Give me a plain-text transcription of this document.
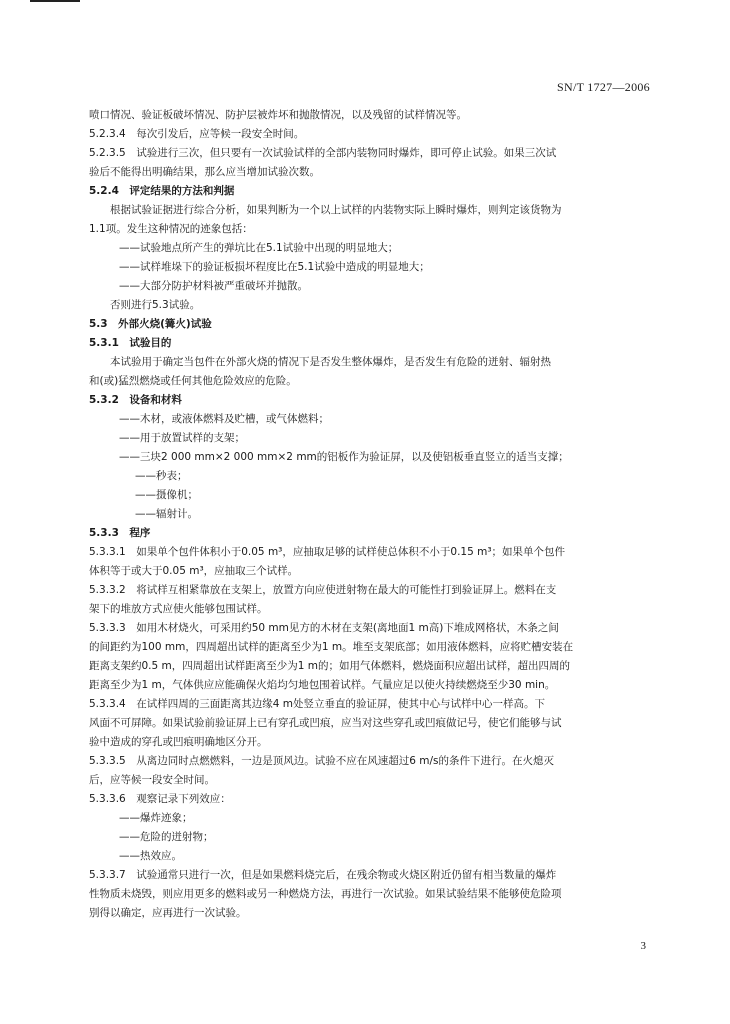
SN/T 1727—2006
喷口情况、验证板破坏情况、防护层被炸坏和抛散情况，以及残留的试样情况等。
5.2.3.4　每次引发后，应等候一段安全时间。
5.2.3.5　试验进行三次，但只要有一次试验试样的全部内装物同时爆炸，即可停止试验。如果三次试
验后不能得出明确结果，那么应当增加试验次数。
5.2.4　评定结果的方法和判据
根据试验证据进行综合分析，如果判断为一个以上试样的内装物实际上瞬时爆炸，则判定该货物为
1.1项。发生这种情况的迹象包括：
——试验地点所产生的弹坑比在5.1试验中出现的明显地大；
——试样堆垛下的验证板损坏程度比在5.1试验中造成的明显地大；
——大部分防护材料被严重破坏并抛散。
否则进行5.3试验。
5.3　外部火烧(篝火)试验
5.3.1　试验目的
本试验用于确定当包件在外部火烧的情况下是否发生整体爆炸，是否发生有危险的迸射、辐射热
和(或)猛烈燃烧或任何其他危险效应的危险。
5.3.2　设备和材料
——木材，或液体燃料及贮槽，或气体燃料；
——用于放置试样的支架；
——三块2 000 mm×2 000 mm×2 mm的铝板作为验证屏，以及使铝板垂直竖立的适当支撑；
——秒表；
——摄像机；
——辐射计。
5.3.3　程序
5.3.3.1　如果单个包件体积小于0.05 m³，应抽取足够的试样使总体积不小于0.15 m³；如果单个包件
体积等于或大于0.05 m³，应抽取三个试样。
5.3.3.2　将试样互相紧靠放在支架上，放置方向应使迸射物在最大的可能性打到验证屏上。燃料在支
架下的堆放方式应使火能够包围试样。
5.3.3.3　如用木材烧火，可采用约50 mm见方的木材在支架(离地面1 m高)下堆成网格状，木条之间
的间距约为100 mm，四周超出试样的距离至少为1 m。堆至支架底部；如用液体燃料，应将贮槽安装在
距离支架约0.5 m，四周超出试样距离至少为1 m的；如用气体燃料，燃烧面积应超出试样，超出四周的
距离至少为1 m，气体供应应能确保火焰均匀地包围着试样。气量应足以使火持续燃烧至少30 min。
5.3.3.4　在试样四周的三面距离其边缘4 m处竖立垂直的验证屏，使其中心与试样中心一样高。下
风面不可屏障。如果试验前验证屏上已有穿孔或凹痕，应当对这些穿孔或凹痕做记号，使它们能够与试
验中造成的穿孔或凹痕明确地区分开。
5.3.3.5　从离边同时点燃燃料，一边是顶风边。试验不应在风速超过6 m/s的条件下进行。在火熄灭
后，应等候一段安全时间。
5.3.3.6　观察记录下列效应：
——爆炸迹象；
——危险的迸射物；
——热效应。
5.3.3.7　试验通常只进行一次，但是如果燃料烧完后，在残余物或火烧区附近仍留有相当数量的爆炸
性物质未烧毁，则应用更多的燃料或另一种燃烧方法，再进行一次试验。如果试验结果不能够使危险项
别得以确定，应再进行一次试验。
3
